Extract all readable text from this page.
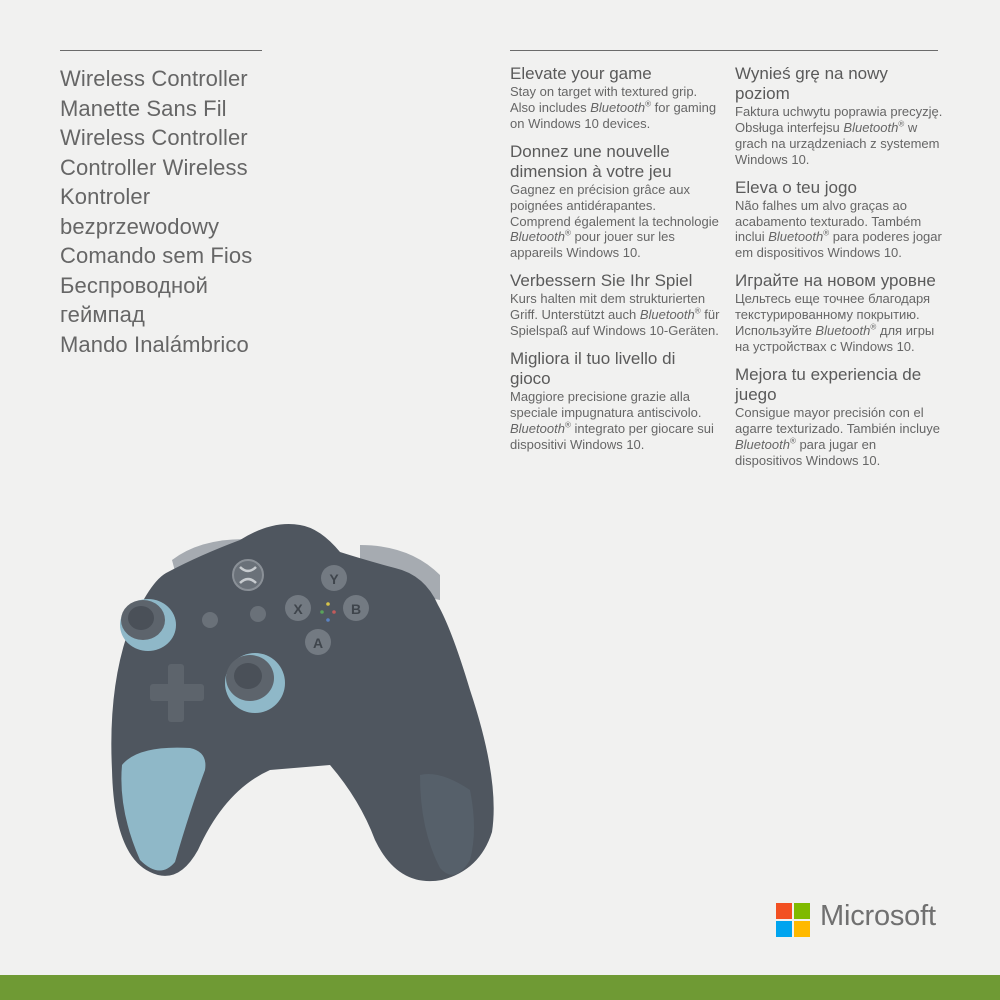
Wireless Controller

Manette Sans Fil

Wireless Controller

Controller Wireless

Kontroler bezprzewodowy

Comando sem Fios

Беспроводной геймпад

Mando Inalámbrico

Elevate your game

Stay on target with textured grip. Also includes Bluetooth® for gaming on Windows 10 devices.

Donnez une nouvelle dimension à votre jeu

Gagnez en précision grâce aux poignées antidérapantes. Comprend également la technologie Bluetooth® pour jouer sur les appareils Windows 10.

Verbessern Sie Ihr Spiel

Kurs halten mit dem strukturierten Griff. Unterstützt auch Bluetooth® für Spielspaß auf Windows 10-Geräten.

Migliora il tuo livello di gioco

Maggiore precisione grazie alla speciale impugnatura antiscivolo. Bluetooth® integrato per giocare sui dispositivi Windows 10.

Wynieś grę na nowy poziom

Faktura uchwytu poprawia precyzję. Obsługa interfejsu Bluetooth® w grach na urządzeniach z systemem Windows 10.

Eleva o teu jogo

Não falhes um alvo graças ao acabamento texturado. Também inclui Bluetooth® para poderes jogar em dispositivos Windows 10.

Играйте на новом уровне

Цельтесь еще точнее благодаря текстурированному покрытию. Используйте Bluetooth® для игры на устройствах с Windows 10.

Mejora tu experiencia de juego

Consigue mayor precisión con el agarre texturizado. También incluye Bluetooth® para jugar en dispositivos Windows 10.

Y
X	B
A
Microsoft
